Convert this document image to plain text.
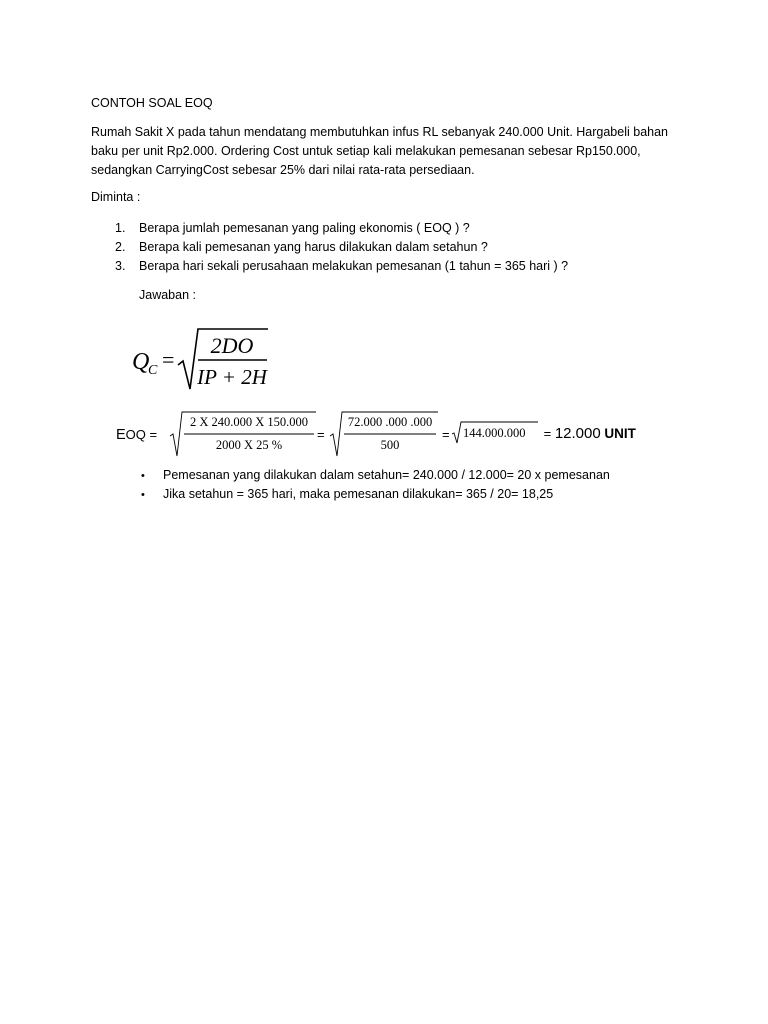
CONTOH SOAL EOQ
Rumah Sakit X pada tahun mendatang membutuhkan infus RL sebanyak 240.000 Unit. Hargabeli bahan
baku per unit Rp2.000. Ordering Cost untuk setiap kali melakukan pemesanan sebesar Rp150.000,
sedangkan CarryingCost sebesar 25% dari nilai rata-rata persediaan.
Diminta :
1. Berapa jumlah pemesanan yang paling ekonomis ( EOQ ) ?
2. Berapa kali pemesanan yang harus dilakukan dalam setahun ?
3. Berapa hari sekali perusahaan melakukan pemesanan (1 tahun = 365 hari ) ?
Jawaban :
Q
C =
2DO
IP + 2H
EOQ =
2 X 240.000 X 150.000
2000 X 25 %
=
72.000 .000 .000
500
= 144.000.000 = 12.000 UNIT
• Pemesanan yang dilakukan dalam setahun= 240.000 / 12.000= 20 x pemesanan
• Jika setahun = 365 hari, maka pemesanan dilakukan= 365 / 20= 18,25
